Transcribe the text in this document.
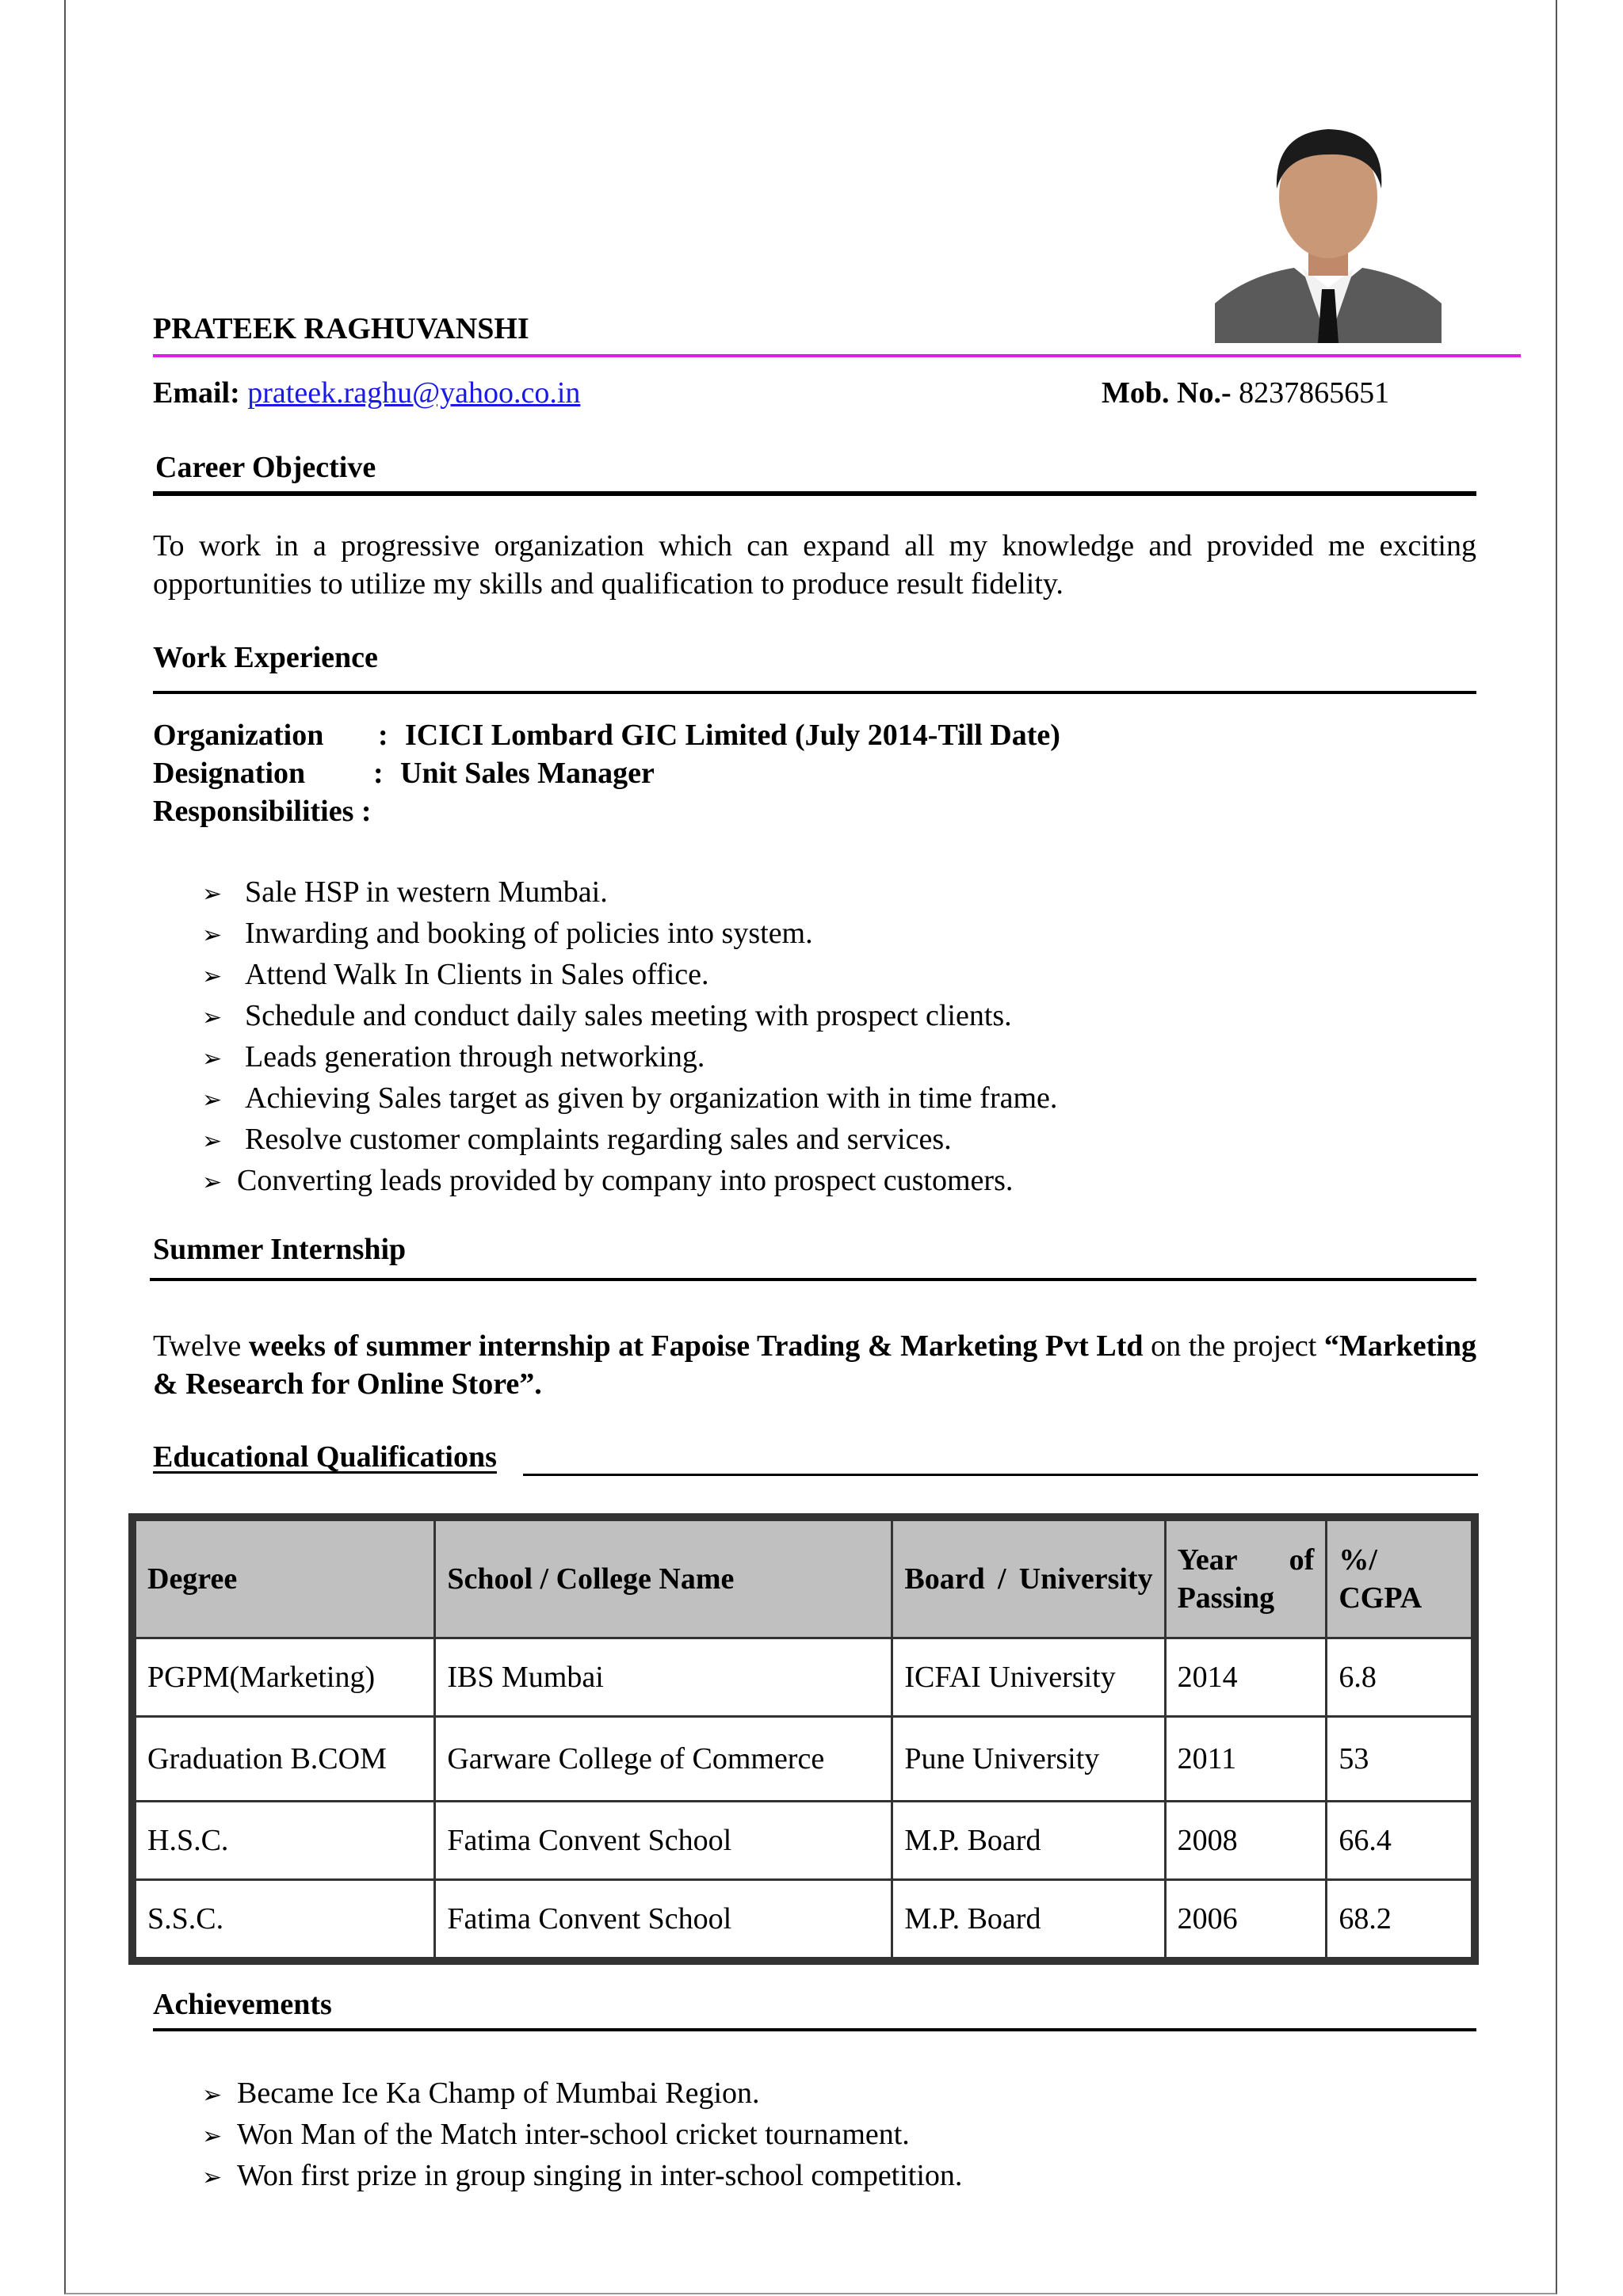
PRATEEK RAGHUVANSHI
Email: prateek.raghu@yahoo.co.in	Mob. No.- 8237865651
Career Objective
To work in a progressive organization which can expand all my knowledge and provided me exciting opportunities to utilize my skills and qualification to produce result fidelity.
Work Experience
Organization : ICICI Lombard GIC Limited (July 2014-Till Date)
Designation : Unit Sales Manager
Responsibilities :
➢ Sale HSP in western Mumbai.
➢ Inwarding and booking of policies into system.
➢ Attend Walk In Clients in Sales office.
➢ Schedule and conduct daily sales meeting with prospect clients.
➢ Leads generation through networking.
➢ Achieving Sales target as given by organization with in time frame.
➢ Resolve customer complaints regarding sales and services.
➢ Converting leads provided by company into prospect customers.
Summer Internship
Twelve weeks of summer internship at Fapoise Trading & Marketing Pvt Ltd on the project “Marketing & Research for Online Store”.
Educational Qualifications
Degree	School / College Name	Board / University	Year of Passing	%/ CGPA
PGPM(Marketing)	IBS Mumbai	ICFAI University	2014	6.8
Graduation B.COM	Garware College of Commerce	Pune University	2011	53
H.S.C.	Fatima Convent School	M.P. Board	2008	66.4
S.S.C.	Fatima Convent School	M.P. Board	2006	68.2
Achievements
➢ Became Ice Ka Champ of Mumbai Region.
➢ Won Man of the Match inter-school cricket tournament.
➢ Won first prize in group singing in inter-school competition.
